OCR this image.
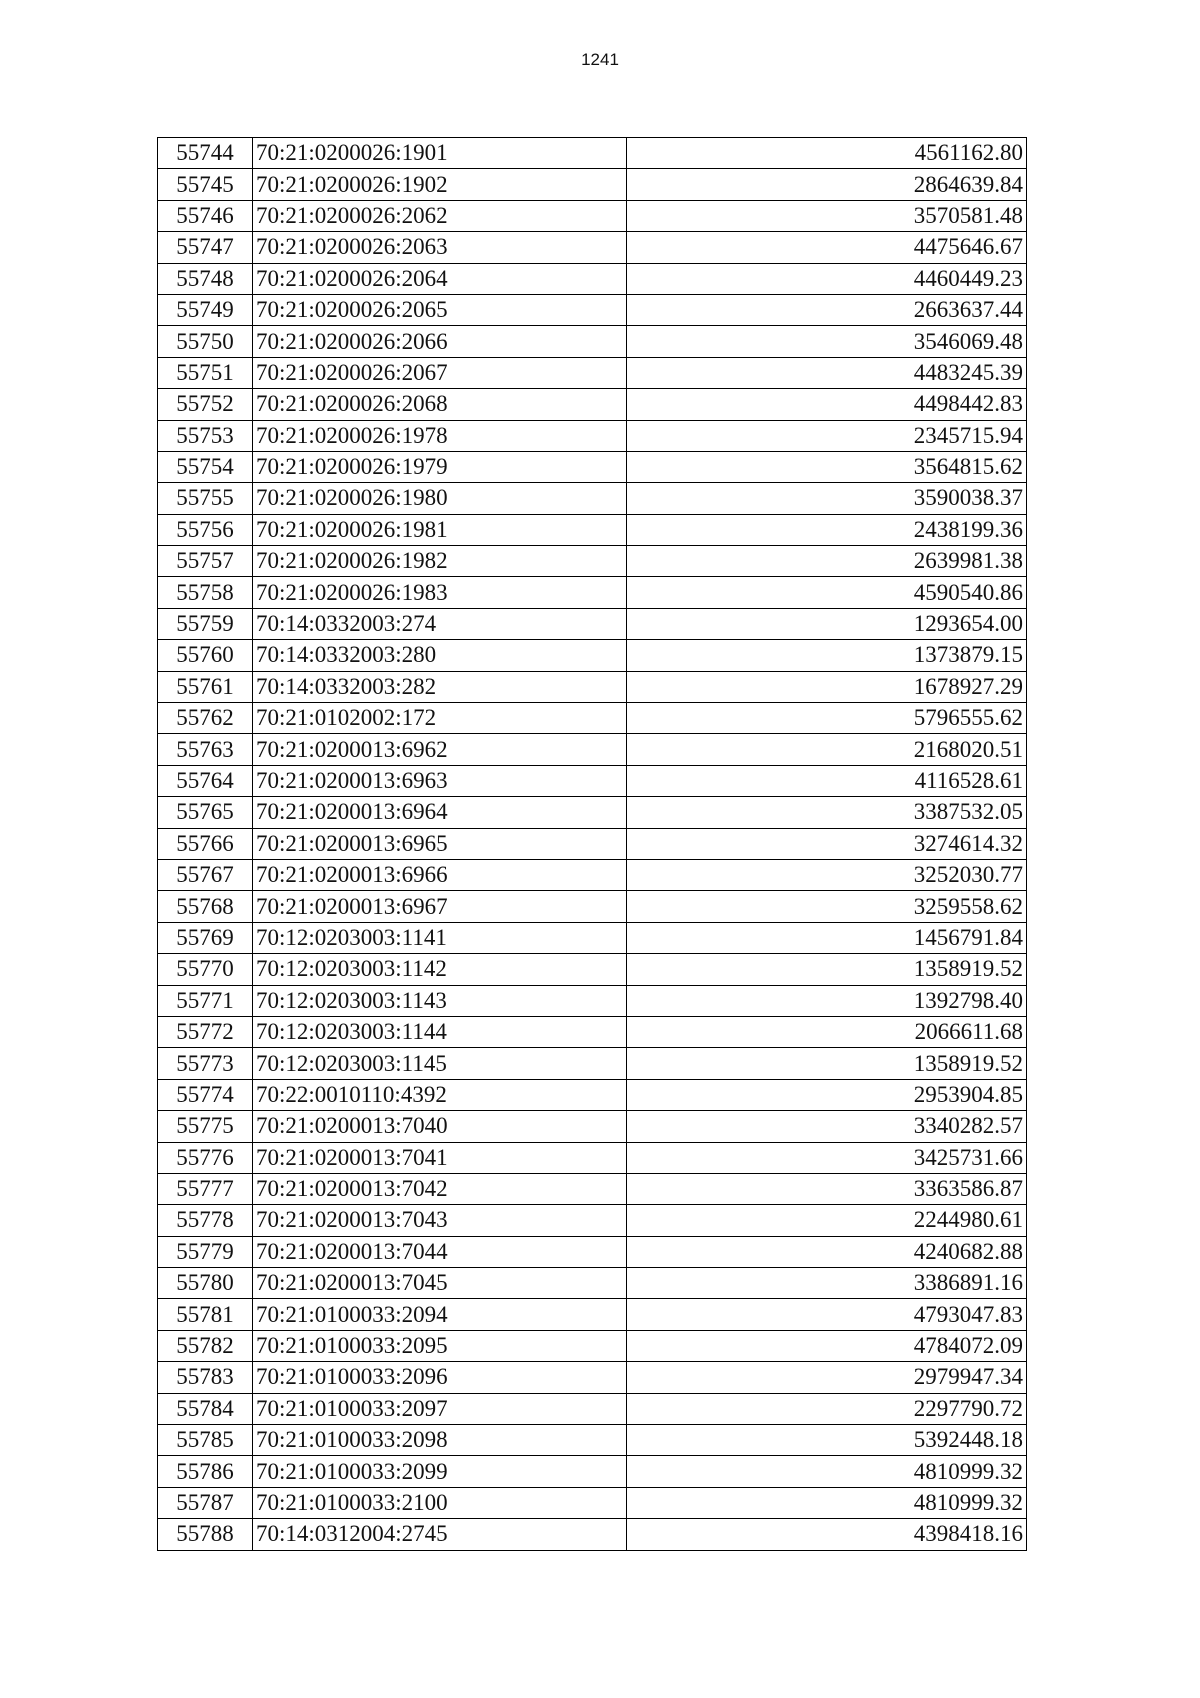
1241
55744	70:21:0200026:1901	4561162.80
55745	70:21:0200026:1902	2864639.84
55746	70:21:0200026:2062	3570581.48
55747	70:21:0200026:2063	4475646.67
55748	70:21:0200026:2064	4460449.23
55749	70:21:0200026:2065	2663637.44
55750	70:21:0200026:2066	3546069.48
55751	70:21:0200026:2067	4483245.39
55752	70:21:0200026:2068	4498442.83
55753	70:21:0200026:1978	2345715.94
55754	70:21:0200026:1979	3564815.62
55755	70:21:0200026:1980	3590038.37
55756	70:21:0200026:1981	2438199.36
55757	70:21:0200026:1982	2639981.38
55758	70:21:0200026:1983	4590540.86
55759	70:14:0332003:274	1293654.00
55760	70:14:0332003:280	1373879.15
55761	70:14:0332003:282	1678927.29
55762	70:21:0102002:172	5796555.62
55763	70:21:0200013:6962	2168020.51
55764	70:21:0200013:6963	4116528.61
55765	70:21:0200013:6964	3387532.05
55766	70:21:0200013:6965	3274614.32
55767	70:21:0200013:6966	3252030.77
55768	70:21:0200013:6967	3259558.62
55769	70:12:0203003:1141	1456791.84
55770	70:12:0203003:1142	1358919.52
55771	70:12:0203003:1143	1392798.40
55772	70:12:0203003:1144	2066611.68
55773	70:12:0203003:1145	1358919.52
55774	70:22:0010110:4392	2953904.85
55775	70:21:0200013:7040	3340282.57
55776	70:21:0200013:7041	3425731.66
55777	70:21:0200013:7042	3363586.87
55778	70:21:0200013:7043	2244980.61
55779	70:21:0200013:7044	4240682.88
55780	70:21:0200013:7045	3386891.16
55781	70:21:0100033:2094	4793047.83
55782	70:21:0100033:2095	4784072.09
55783	70:21:0100033:2096	2979947.34
55784	70:21:0100033:2097	2297790.72
55785	70:21:0100033:2098	5392448.18
55786	70:21:0100033:2099	4810999.32
55787	70:21:0100033:2100	4810999.32
55788	70:14:0312004:2745	4398418.16
